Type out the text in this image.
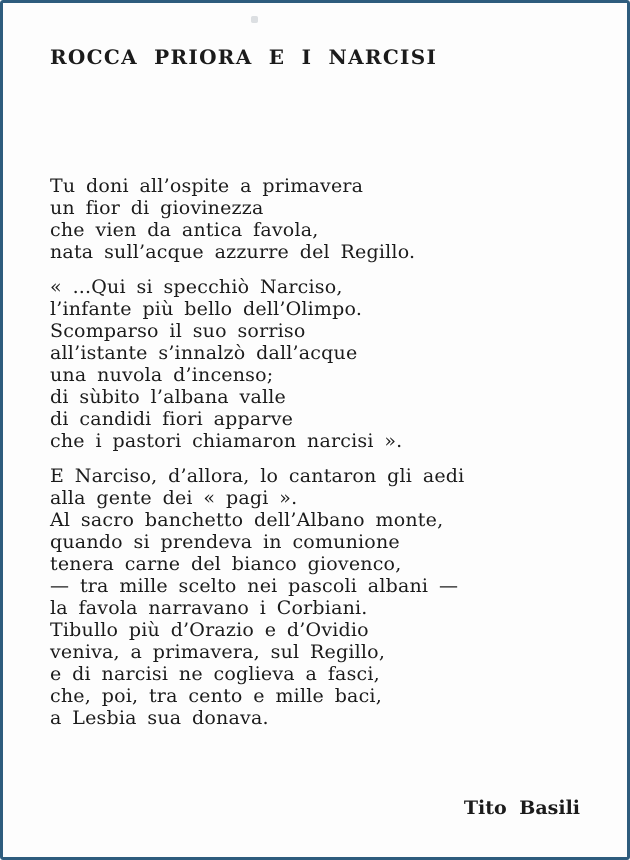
ROCCA PRIORA E I NARCISI
Tu doni all’ospite a primavera
un fior di giovinezza
che vien da antica favola,
nata sull’acque azzurre del Regillo.
« ...Qui si specchiò Narciso,
l’infante più bello dell’Olimpo.
Scomparso il suo sorriso
all’istante s’innalzò dall’acque
una nuvola d’incenso;
di sùbito l’albana valle
di candidi fiori apparve
che i pastori chiamaron narcisi ».
E Narciso, d’allora, lo cantaron gli aedi
alla gente dei « pagi ».
Al sacro banchetto dell’Albano monte,
quando si prendeva in comunione
tenera carne del bianco giovenco,
— tra mille scelto nei pascoli albani —
la favola narravano i Corbiani.
Tibullo più d’Orazio e d’Ovidio
veniva, a primavera, sul Regillo,
e di narcisi ne coglieva a fasci,
che, poi, tra cento e mille baci,
a Lesbia sua donava.
Tito Basili
